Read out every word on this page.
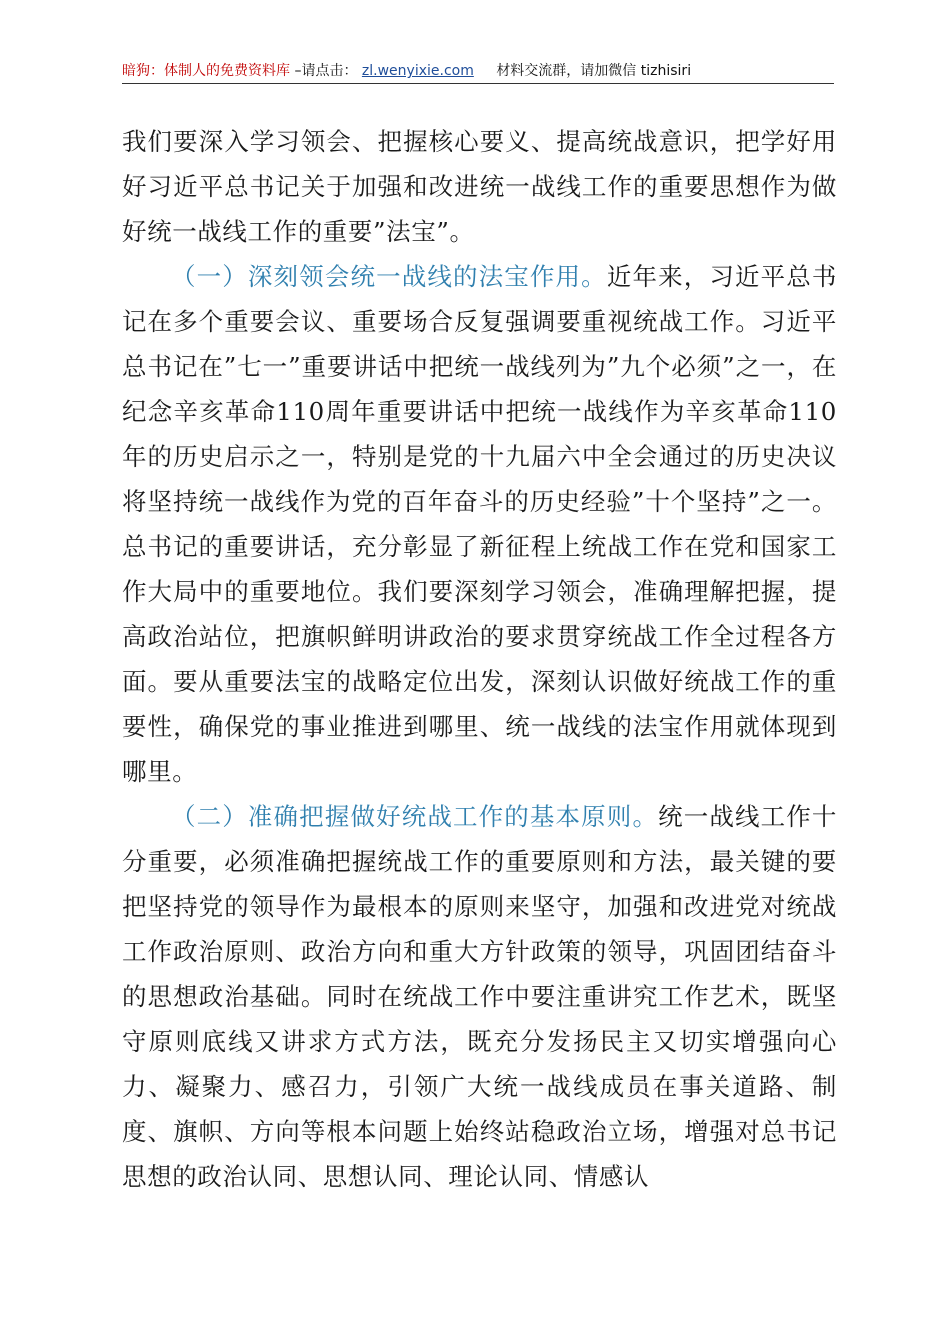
暗狗：体制人的免费资料库 –请点击： zl.wenyixie.com 材料交流群，请加微信 tizhisiri

我们要深入学习领会、把握核心要义、提高统战意识，把学好用好习近平总书记关于加强和改进统一战线工作的重要思想作为做好统一战线工作的重要”法宝”。

（一）深刻领会统一战线的法宝作用。近年来，习近平总书记在多个重要会议、重要场合反复强调要重视统战工作。习近平总书记在”七一”重要讲话中把统一战线列为”九个必须”之一，在纪念辛亥革命110周年重要讲话中把统一战线作为辛亥革命110年的历史启示之一，特别是党的十九届六中全会通过的历史决议将坚持统一战线作为党的百年奋斗的历史经验”十个坚持”之一。总书记的重要讲话，充分彰显了新征程上统战工作在党和国家工作大局中的重要地位。我们要深刻学习领会，准确理解把握，提高政治站位，把旗帜鲜明讲政治的要求贯穿统战工作全过程各方面。要从重要法宝的战略定位出发，深刻认识做好统战工作的重要性，确保党的事业推进到哪里、统一战线的法宝作用就体现到哪里。

（二）准确把握做好统战工作的基本原则。统一战线工作十分重要，必须准确把握统战工作的重要原则和方法，最关键的要把坚持党的领导作为最根本的原则来坚守，加强和改进党对统战工作政治原则、政治方向和重大方针政策的领导，巩固团结奋斗的思想政治基础。同时在统战工作中要注重讲究工作艺术，既坚守原则底线又讲求方式方法，既充分发扬民主又切实增强向心力、凝聚力、感召力，引领广大统一战线成员在事关道路、制度、旗帜、方向等根本问题上始终站稳政治立场，增强对总书记思想的政治认同、思想认同、理论认同、情感认
